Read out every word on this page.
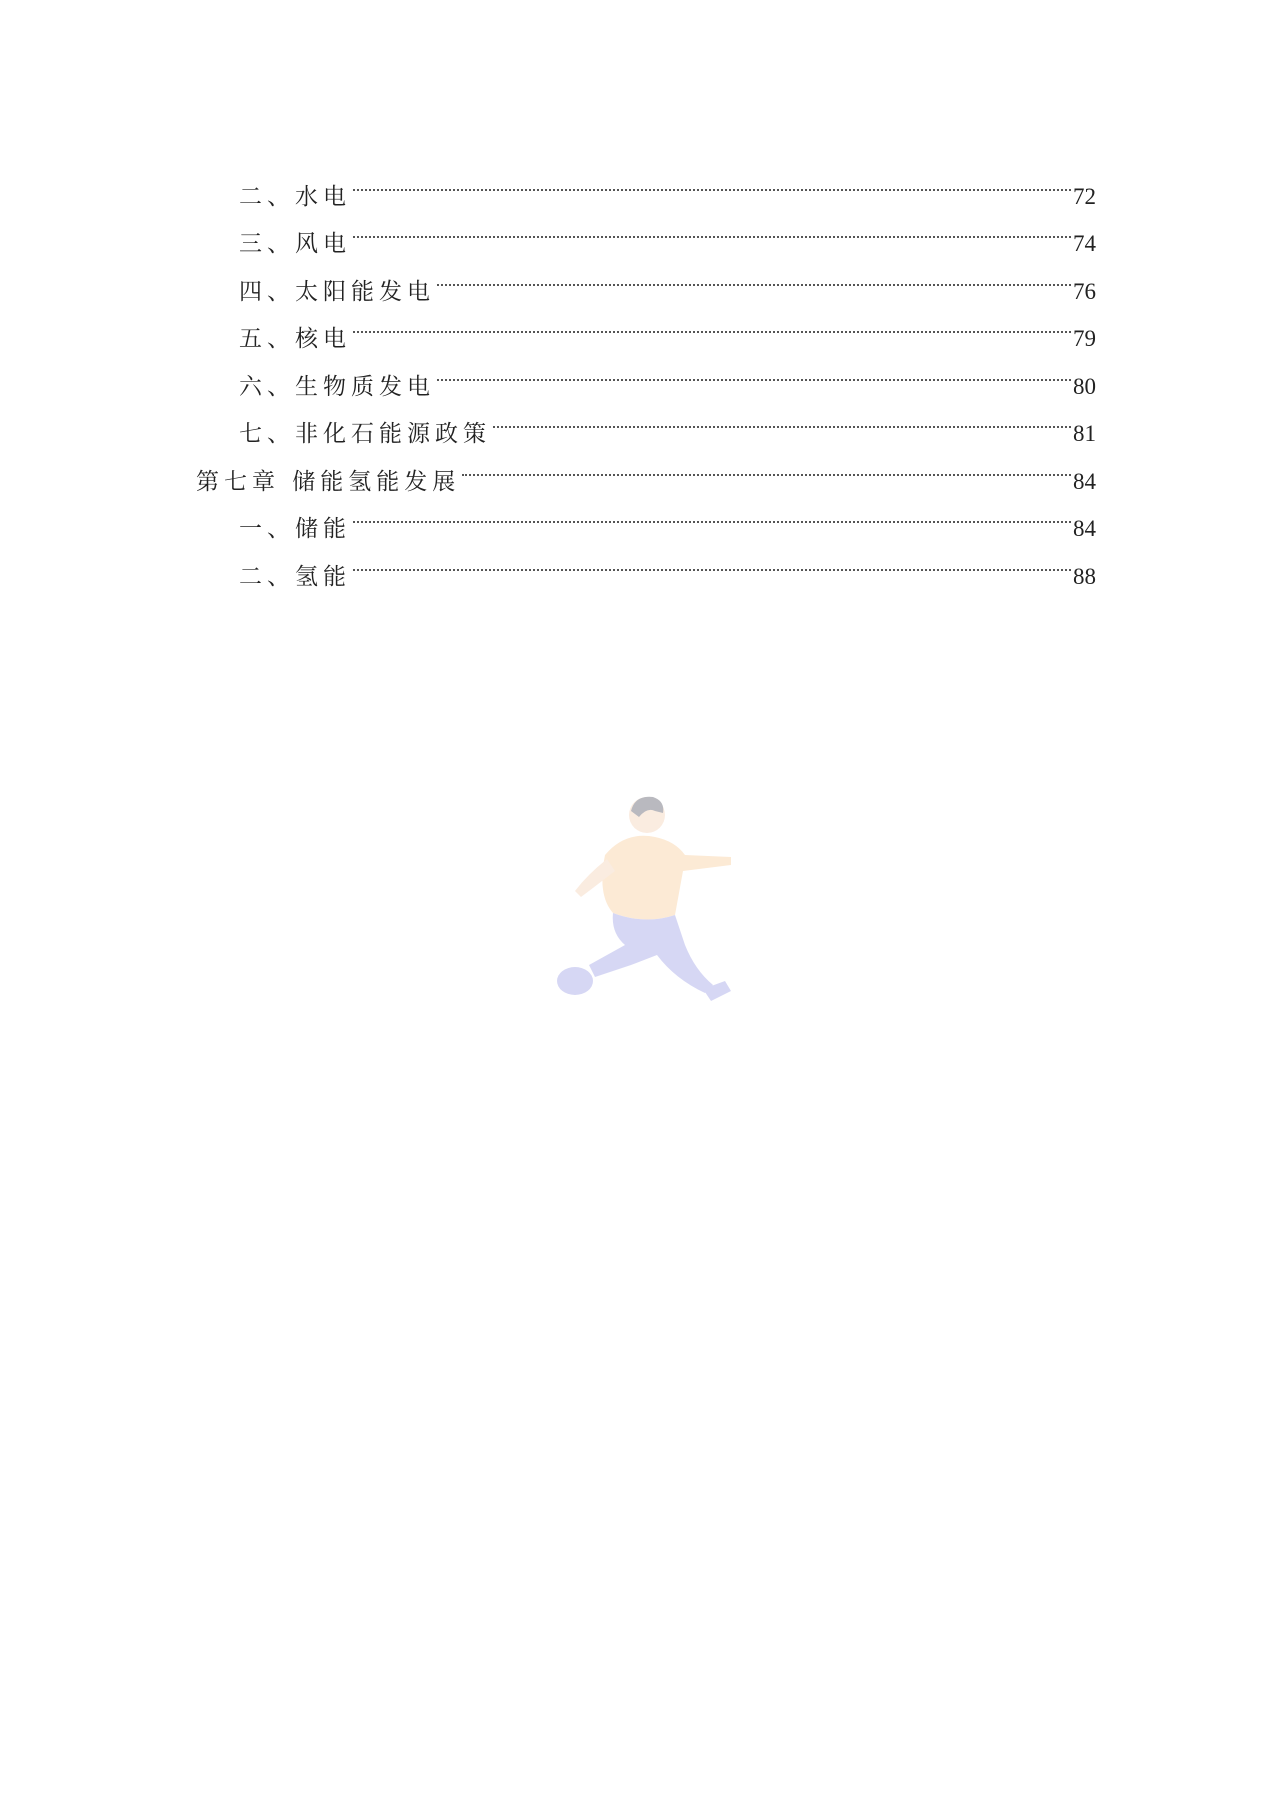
二、水电	72
三、风电	74
四、太阳能发电	76
五、核电	79
六、生物质发电	80
七、非化石能源政策	81
第七章 储能氢能发展	84
一、储能	84
二、氢能	88
